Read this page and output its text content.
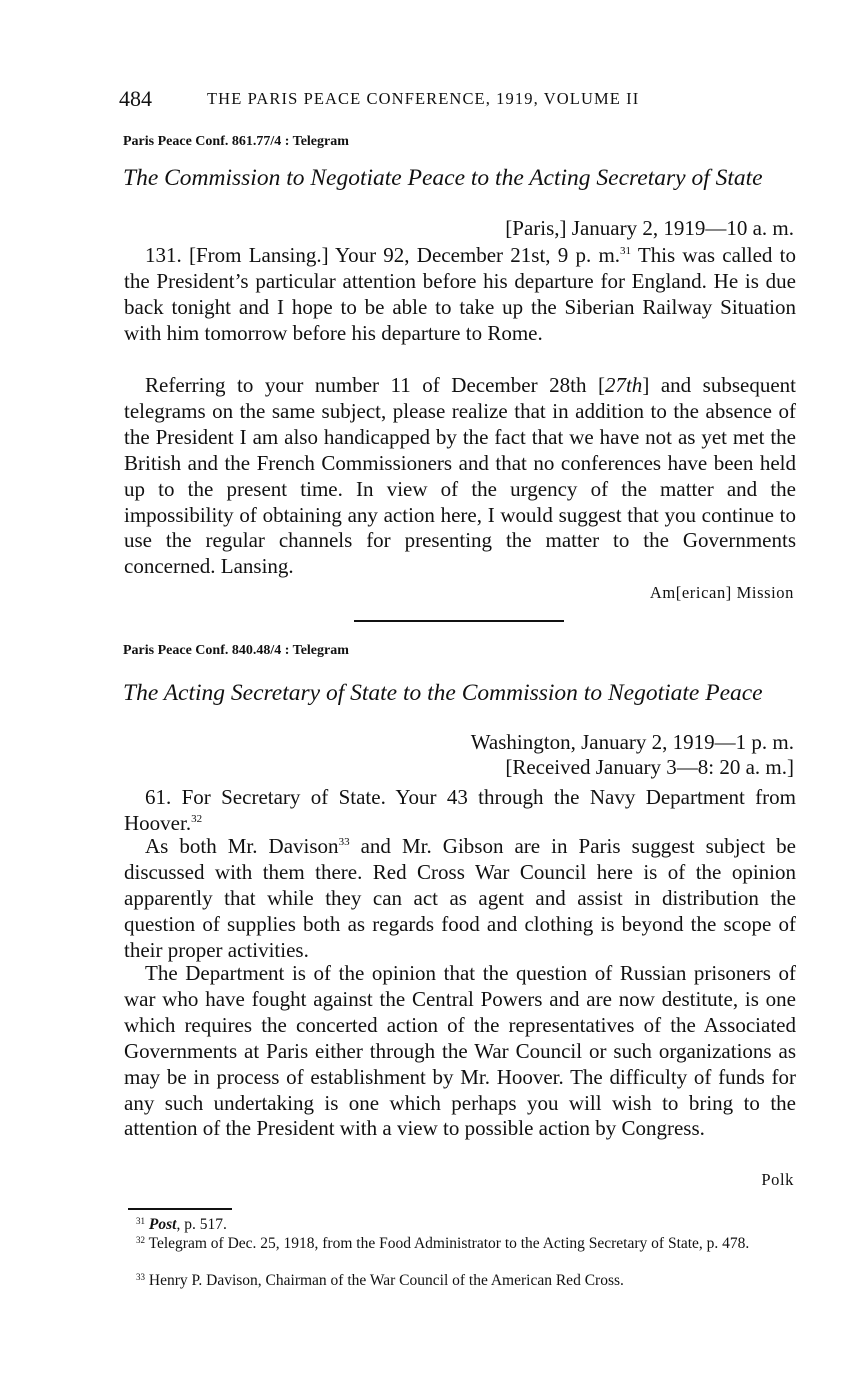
484	THE PARIS PEACE CONFERENCE, 1919, VOLUME II
Paris Peace Conf. 861.77/4 : Telegram
The Commission to Negotiate Peace to the Acting Secretary of State
[Paris,] January 2, 1919—10 a. m.

131. [From Lansing.] Your 92, December 21st, 9 p. m.$^{31}$ This was called to the President’s particular attention before his departure for England. He is due back tonight and I hope to be able to take up the Siberian Railway Situation with him tomorrow before his departure to Rome.

Referring to your number 11 of December 28th [27th] and subsequent telegrams on the same subject, please realize that in addition to the absence of the President I am also handicapped by the fact that we have not as yet met the British and the French Commissioners and that no conferences have been held up to the present time. In view of the urgency of the matter and the impossibility of obtaining any action here, I would suggest that you continue to use the regular channels for presenting the matter to the Governments concerned. Lansing.

Am[erican] Mission
Paris Peace Conf. 840.48/4 : Telegram
The Acting Secretary of State to the Commission to Negotiate Peace
Washington, January 2, 1919—1 p. m.
[Received January 3—8: 20 a. m.]

61. For Secretary of State. Your 43 through the Navy Department from Hoover.$^{32}$

As both Mr. Davison$^{33}$ and Mr. Gibson are in Paris suggest subject be discussed with them there. Red Cross War Council here is of the opinion apparently that while they can act as agent and assist in distribution the question of supplies both as regards food and clothing is beyond the scope of their proper activities.

The Department is of the opinion that the question of Russian prisoners of war who have fought against the Central Powers and are now destitute, is one which requires the concerted action of the representatives of the Associated Governments at Paris either through the War Council or such organizations as may be in process of establishment by Mr. Hoover. The difficulty of funds for any such undertaking is one which perhaps you will wish to bring to the attention of the President with a view to possible action by Congress.

Polk

$^{31}$ Post, p. 517.

$^{32}$ Telegram of Dec. 25, 1918, from the Food Administrator to the Acting Secretary of State, p. 478.

$^{33}$ Henry P. Davison, Chairman of the War Council of the American Red Cross.
